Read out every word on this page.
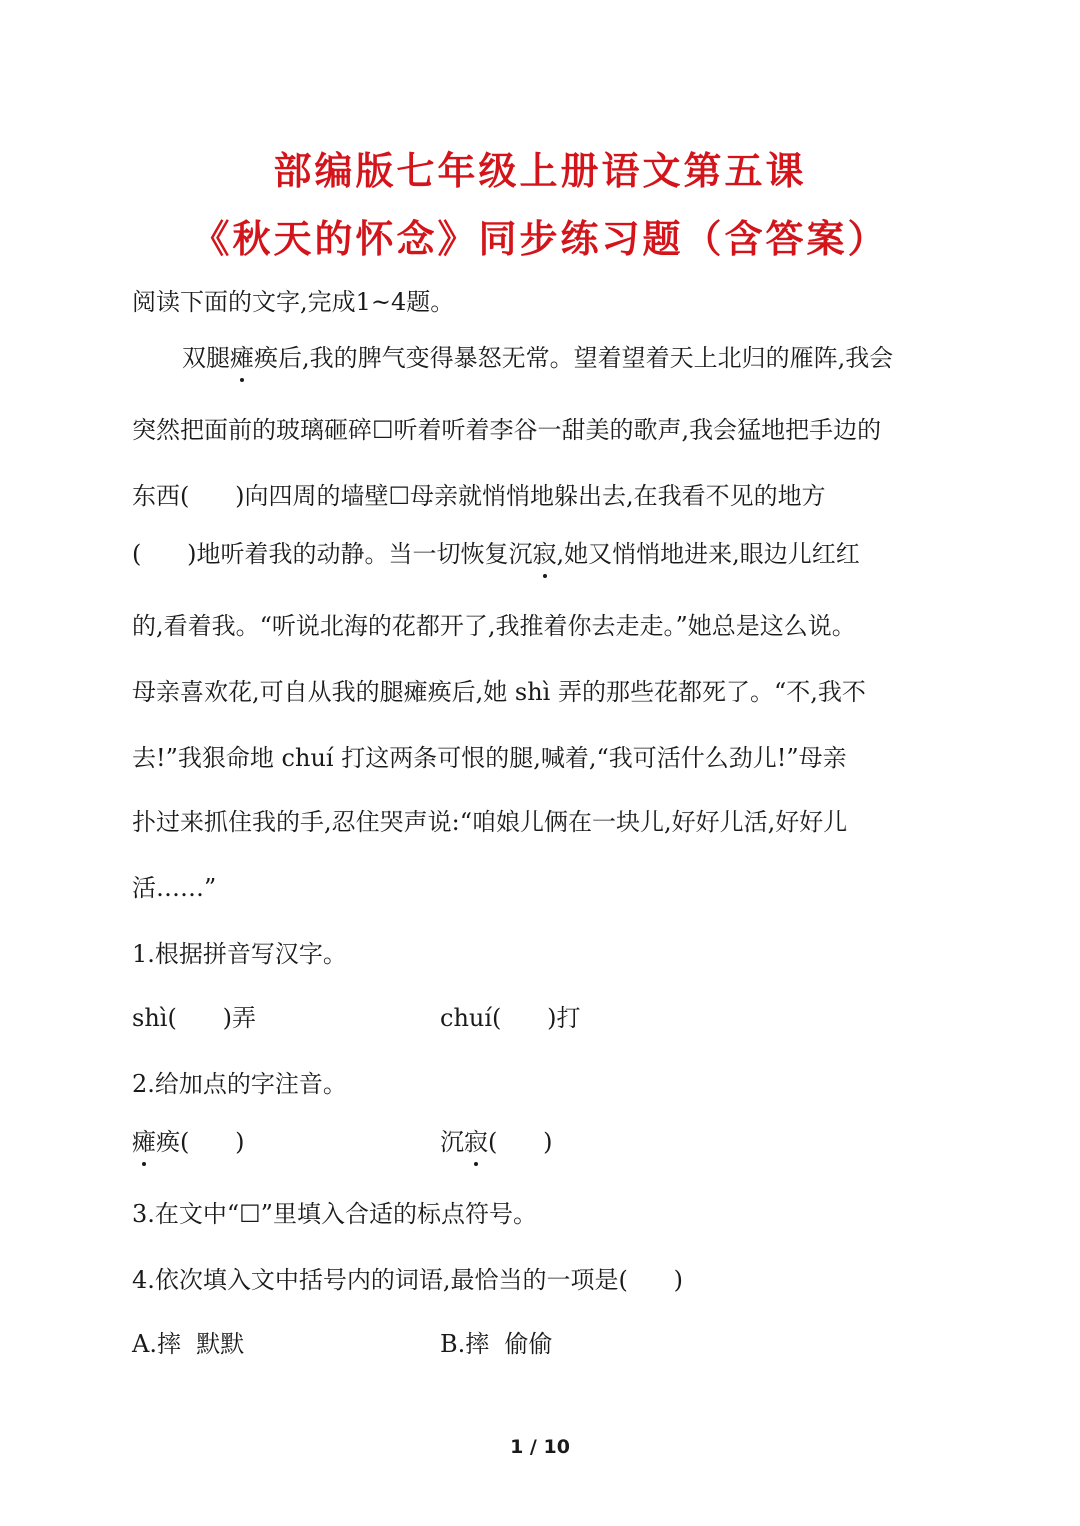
部编版七年级上册语文第五课
《秋天的怀念》同步练习题（含答案）
阅读下面的文字,完成1~4题。
双腿瘫痪后,我的脾气变得暴怒无常。望着望着天上北归的雁阵,我会
突然把面前的玻璃砸碎☐听着听着李谷一甜美的歌声,我会猛地把手边的
东西(      )向四周的墙壁☐母亲就悄悄地躲出去,在我看不见的地方
(      )地听着我的动静。当一切恢复沉寂,她又悄悄地进来,眼边儿红红
的,看着我。“听说北海的花都开了,我推着你去走走。”她总是这么说。
母亲喜欢花,可自从我的腿瘫痪后,她 shì 弄的那些花都死了。“不,我不
去!”我狠命地 chuí 打这两条可恨的腿,喊着,“我可活什么劲儿!”母亲
扑过来抓住我的手,忍住哭声说:“咱娘儿俩在一块儿,好好儿活,好好儿
活……”
1.根据拼音写汉字。
shì(      )弄	chuí(      )打
2.给加点的字注音。
瘫痪(      )	沉寂(      )
3.在文中“☐”里填入合适的标点符号。
4.依次填入文中括号内的词语,最恰当的一项是(      )
A.摔  默默	B.摔  偷偷
1 / 10
